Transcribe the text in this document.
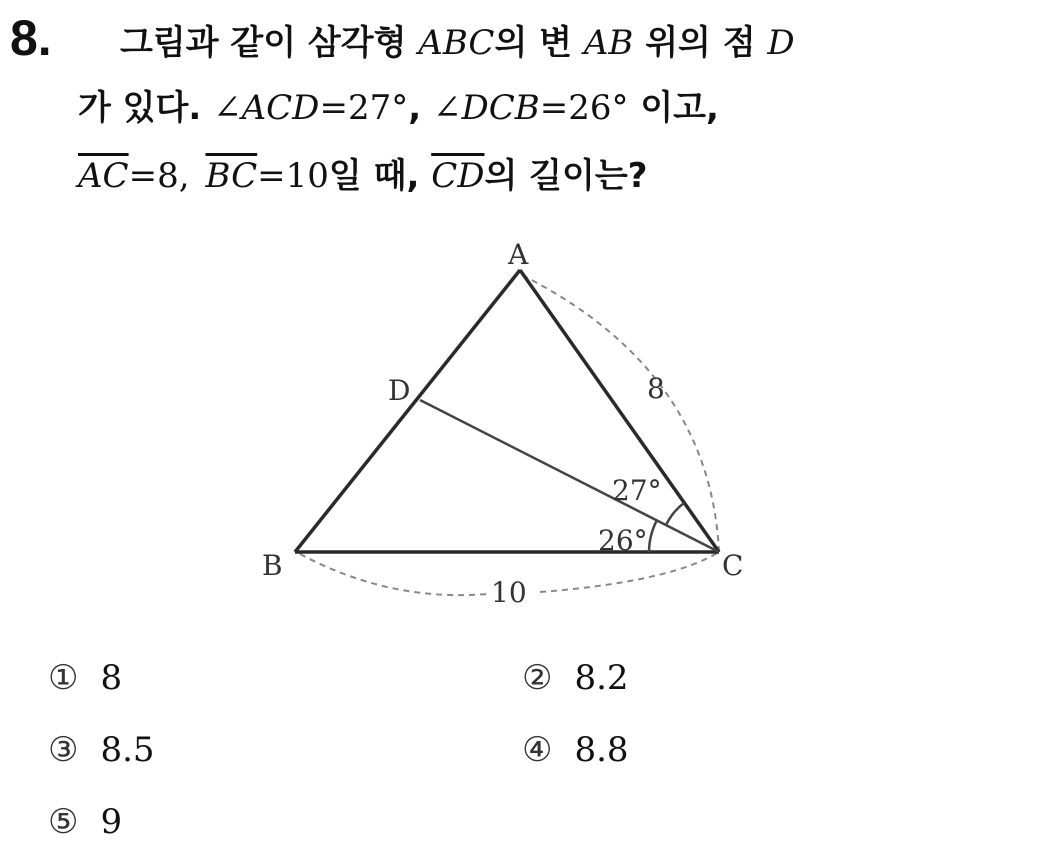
8. 그림과 같이 삼각형 ABC의 변 AB 위의 점 D
가 있다. ∠ACD=27°, ∠DCB=26° 이고,
$\overline{AC}=8$, $\overline{BC}=10$일 때, $\overline{CD}$의 길이는?
A
B	C
D	8
10
27°
26°
① 8	② 8.2
③ 8.5	④ 8.8
⑤ 9
